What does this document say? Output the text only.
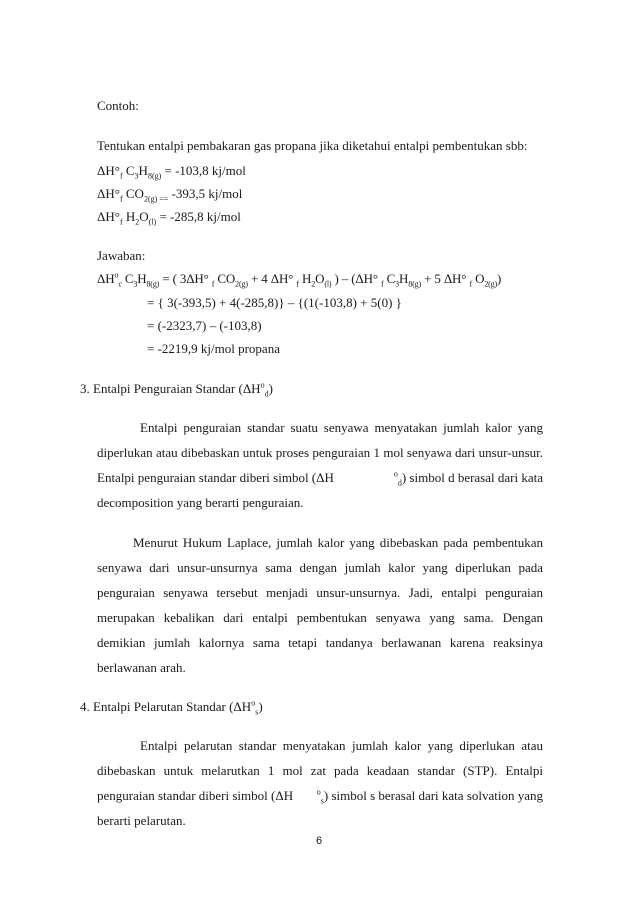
Contoh:
Tentukan entalpi pembakaran gas propana jika diketahui entalpi pembentukan sbb:
$\Delta H^\circ_f$ $C_3H_{8(g)} = -103,8$ kj/mol
$\Delta H^\circ_f$ $CO_{2(g) ==}$ -393,5 kj/mol
$\Delta H^\circ_f$ $H_2O_{(l)} = -285,8$ kj/mol
Jawaban:
$\Delta H^o_c$ $C_3H_{8(g)}$ = ( 3ΔH° $_f$ $CO_{2(g)} + 4$ ΔH° $_f$ $H_2O_{(l)}$ ) – (ΔH° $_f$ $C_3H_{8(g)} + 5$ ΔH° $_f$ $O_{2(g)}$)
= { 3(-393,5) + 4(-285,8)} – {(1(-103,8) + 5(0) }
= (-2323,7) – (-103,8)
= -2219,9 kj/mol propana
3. Entalpi Penguraian Standar $(\Delta H^o_d)$
Entalpi penguraian standar suatu senyawa menyatakan jumlah kalor yang
diperlukan atau dibebaskan untuk proses penguraian 1 mol senyawa dari unsur-unsur.
Entalpi penguraian standar diberi simbol (ΔH	$^o_d$) simbol d berasal dari kata
decomposition yang berarti penguraian.
Menurut Hukum Laplace, jumlah kalor yang dibebaskan pada pembentukan
senyawa dari unsur-unsurnya sama dengan jumlah kalor yang diperlukan pada
penguraian senyawa tersebut menjadi unsur-unsurnya. Jadi, entalpi penguraian
merupakan kebalikan dari entalpi pembentukan senyawa yang sama. Dengan
demikian jumlah kalornya sama tetapi tandanya berlawanan karena reaksinya
berlawanan arah.
4. Entalpi Pelarutan Standar $(\Delta H^o_s)$
Entalpi pelarutan standar menyatakan jumlah kalor yang diperlukan atau
dibebaskan untuk melarutkan 1 mol zat pada keadaan standar (STP). Entalpi
penguraian standar diberi simbol (ΔH	$^o_s$) simbol s berasal dari kata solvation yang
berarti pelarutan.
6
